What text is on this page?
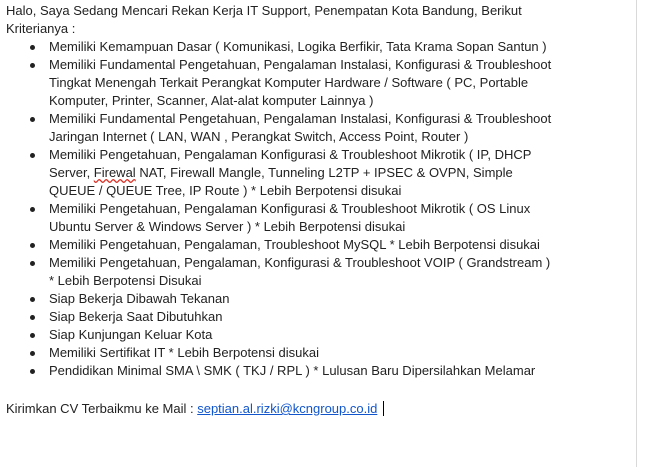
Halo, Saya Sedang Mencari Rekan Kerja IT Support, Penempatan Kota Bandung, Berikut Kriterianya :
Memiliki Kemampuan Dasar ( Komunikasi, Logika Berfikir, Tata Krama Sopan Santun )
Memiliki Fundamental Pengetahuan, Pengalaman Instalasi, Konfigurasi & Troubleshoot Tingkat Menengah Terkait Perangkat Komputer Hardware / Software ( PC, Portable Komputer, Printer, Scanner, Alat-alat komputer Lainnya )
Memiliki Fundamental Pengetahuan, Pengalaman Instalasi, Konfigurasi & Troubleshoot Jaringan Internet ( LAN, WAN , Perangkat Switch, Access Point, Router )
Memiliki Pengetahuan, Pengalaman Konfigurasi & Troubleshoot Mikrotik ( IP, DHCP Server, Firewal NAT, Firewall Mangle, Tunneling L2TP + IPSEC & OVPN, Simple QUEUE / QUEUE Tree, IP Route ) * Lebih Berpotensi disukai
Memiliki Pengetahuan, Pengalaman Konfigurasi & Troubleshoot Mikrotik ( OS Linux Ubuntu Server & Windows Server ) * Lebih Berpotensi disukai
Memiliki Pengetahuan, Pengalaman, Troubleshoot MySQL * Lebih Berpotensi disukai
Memiliki Pengetahuan, Pengalaman, Konfigurasi & Troubleshoot VOIP ( Grandstream ) * Lebih Berpotensi Disukai
Siap Bekerja Dibawah Tekanan
Siap Bekerja Saat Dibutuhkan
Siap Kunjungan Keluar Kota
Memiliki Sertifikat IT * Lebih Berpotensi disukai
Pendidikan Minimal SMA \ SMK ( TKJ / RPL ) * Lulusan Baru Dipersilahkan Melamar
Kirimkan CV Terbaikmu ke Mail : septian.al.rizki@kcngroup.co.id
